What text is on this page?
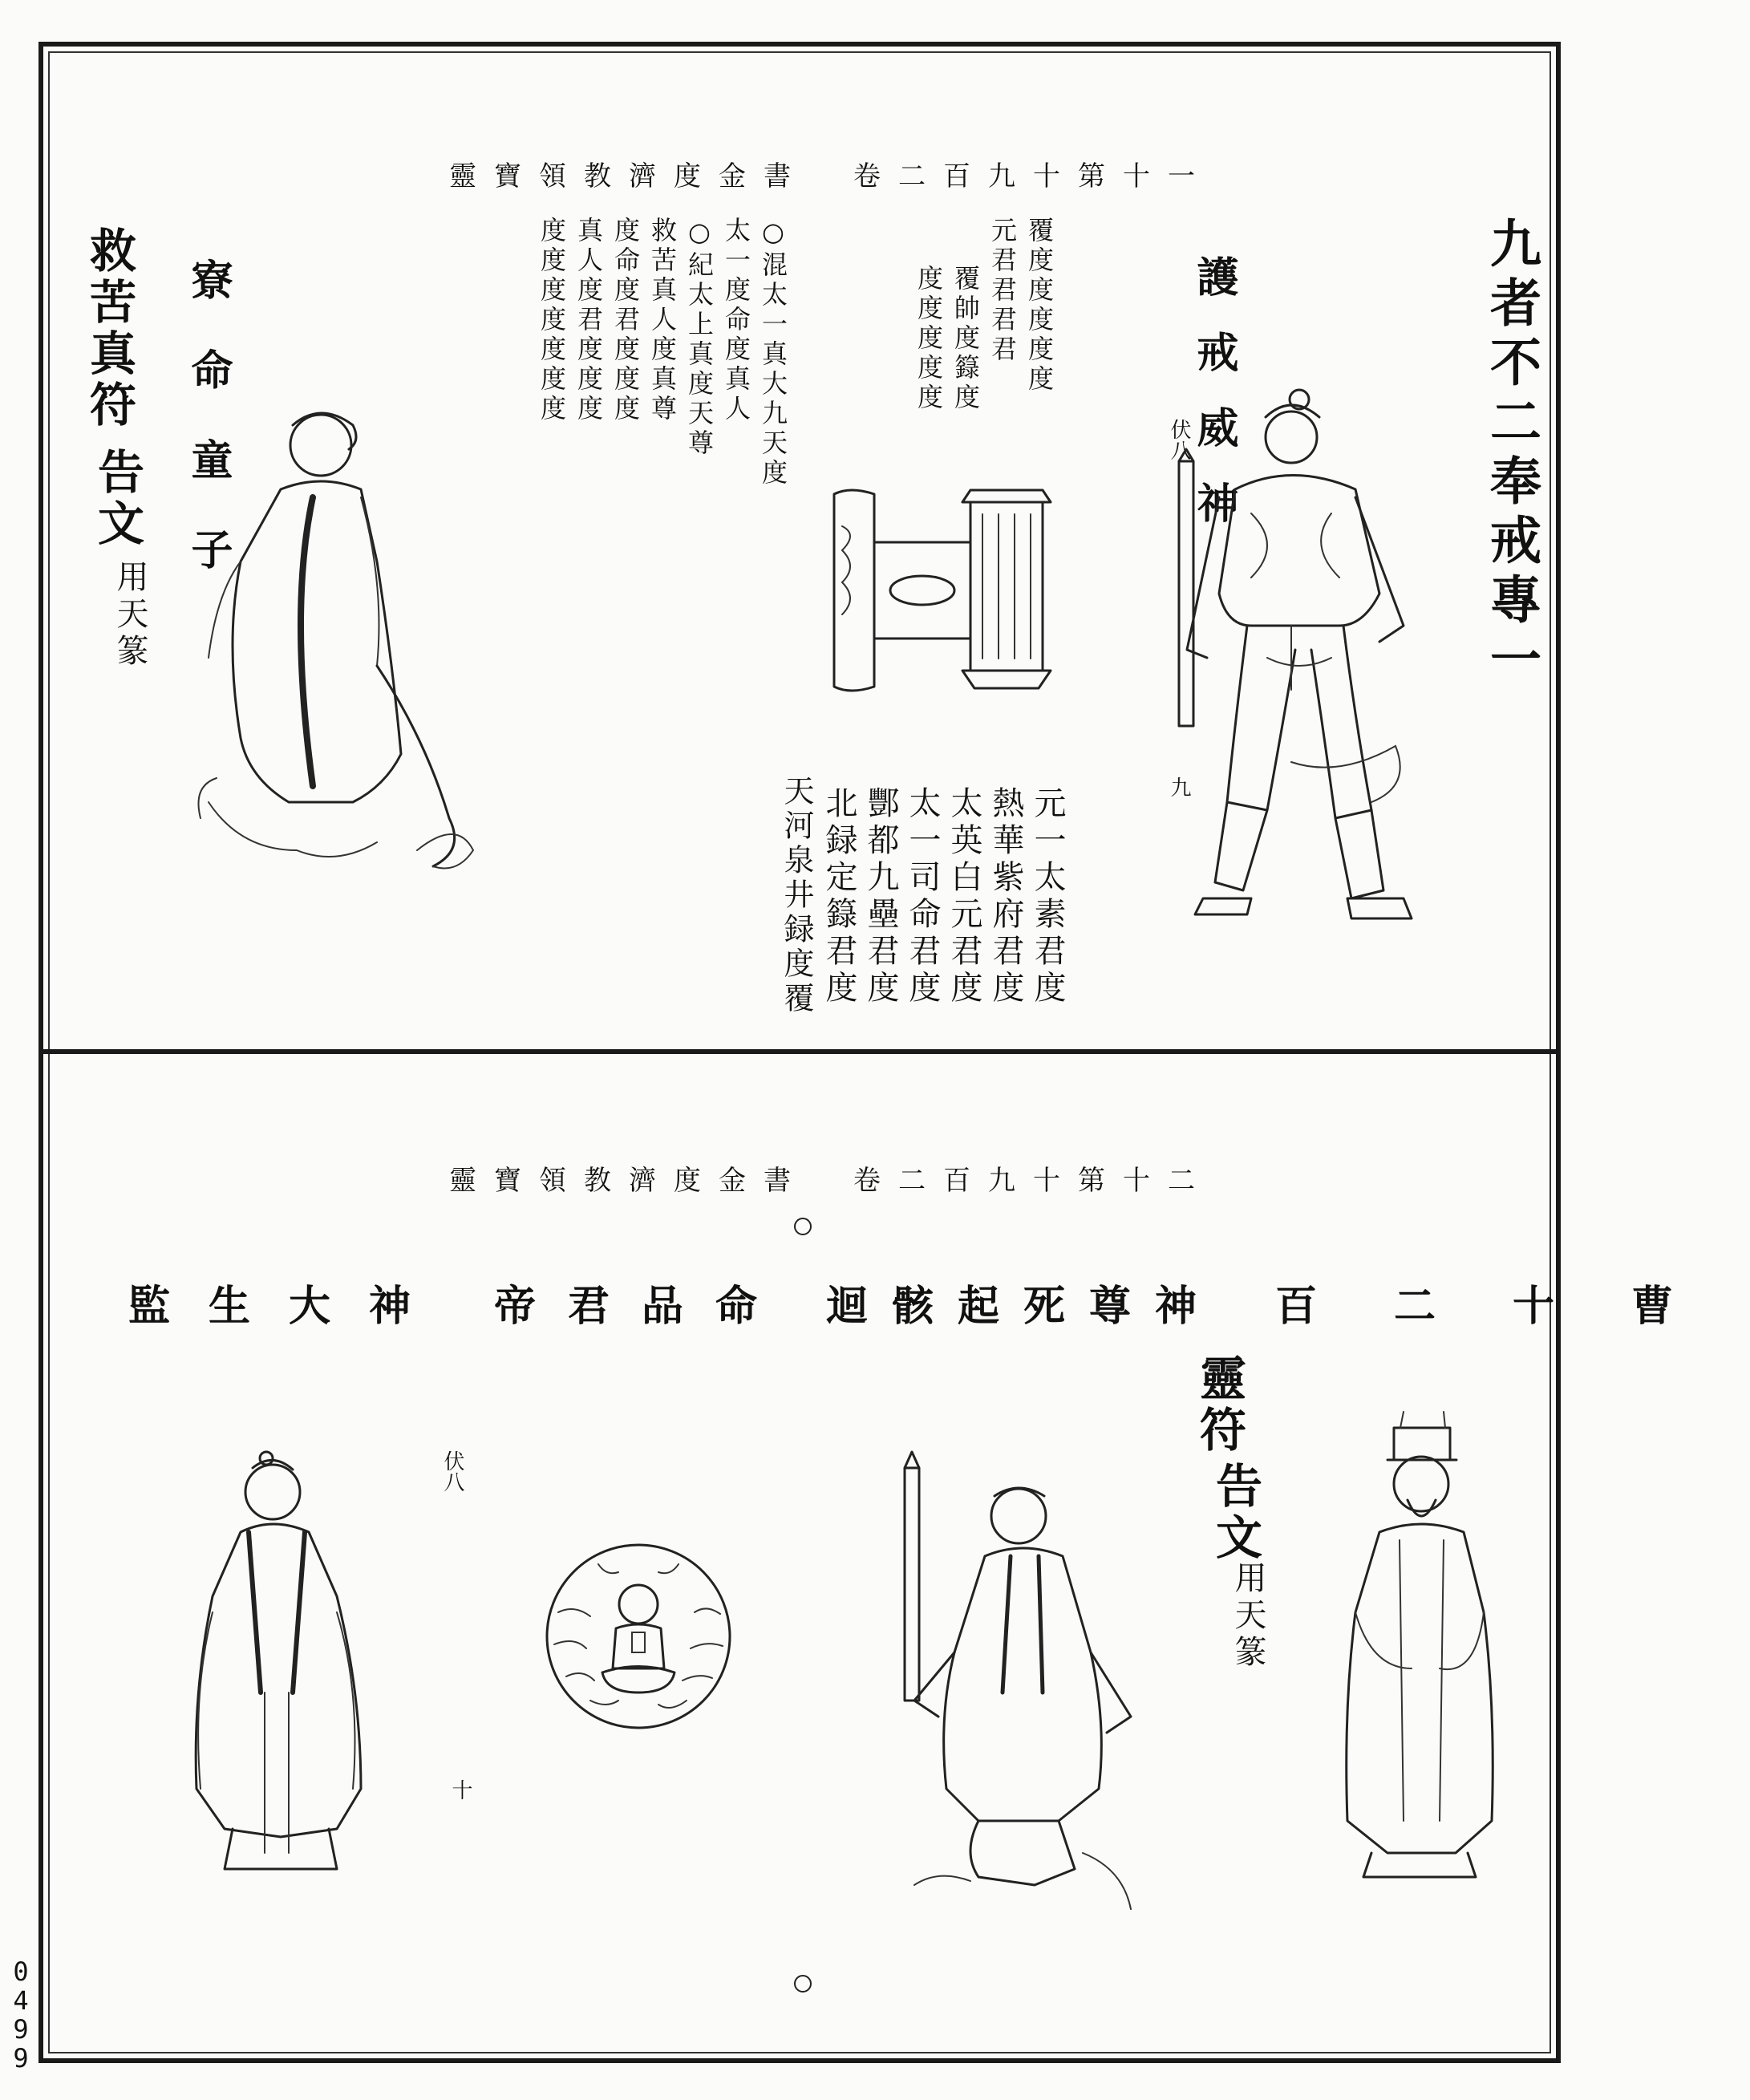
靈寶領教濟度金書　卷二百九十第十一
九者不二奉戒專一
護戒威神
寮命童子
救苦真符
告文
用天篆
伏八
九
覆度度度度度
元君君君君
覆帥度籙度
度度度度度
元一太素君度
熱華紫府君度
太英白元君度
太一司命君度
酆都九壘君度
北録定籙君度
天河泉井録度覆
○混太一真大九天度
太一度命度真人
○紀太上真度天尊
救苦真人度真尊
度命度君度度度
真人度君度度度
度度度度度度度
靈寶領教濟度金書　卷二百九十第十二
百二十曹
迴骸起死尊神
帝君品命
監生大神
靈符
告文
用天篆
伏八
十
0499
